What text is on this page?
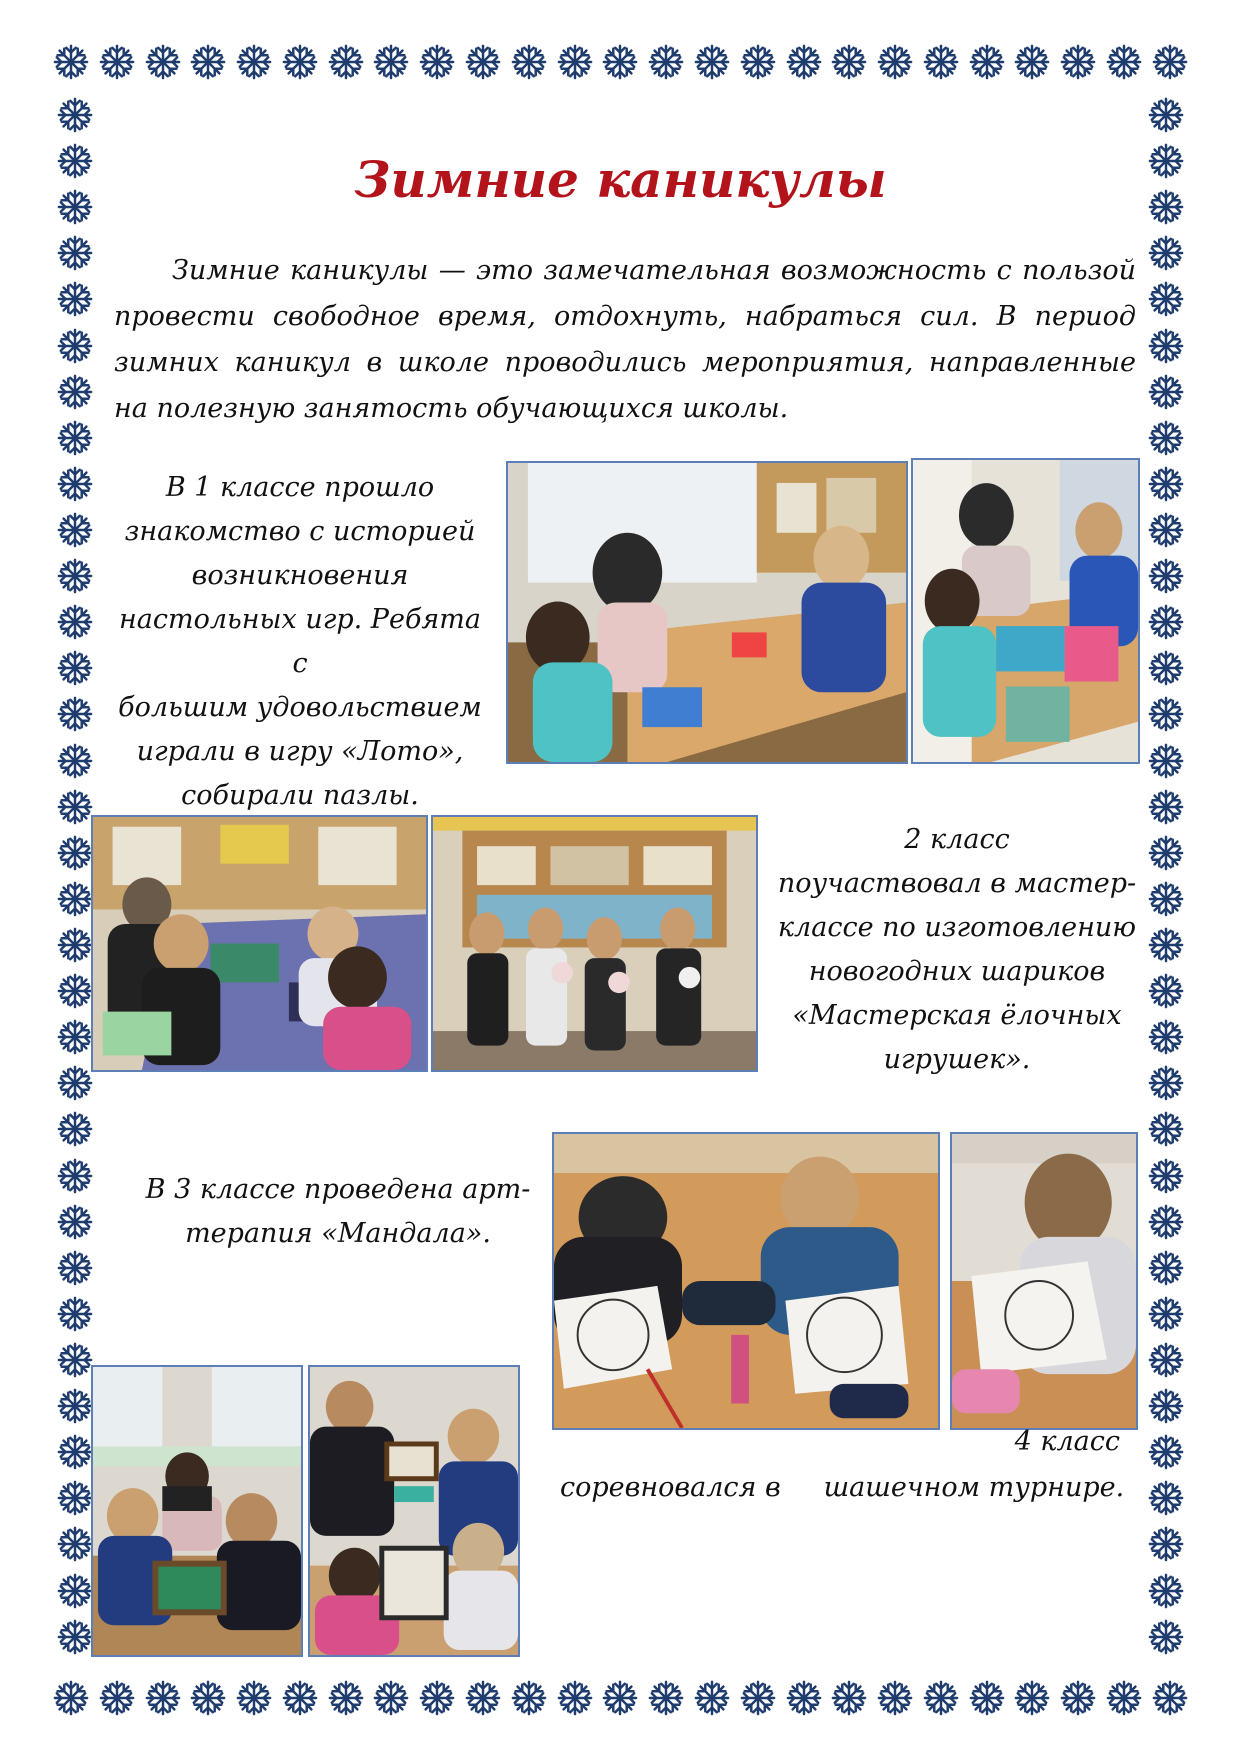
Зимние каникулы

Зимние каникулы — это замечательная возможность с пользой провести свободное время, отдохнуть, набраться сил. В период зимних каникул в школе проводились мероприятия, направленные на полезную занятость обучающихся школы.

В 1 классе прошло
знакомство с историей
возникновения
настольных игр. Ребята с
большим удовольствием
играли в игру «Лото»,
собирали пазлы.

2 класс
поучаствовал в мастер-
классе по изготовлению
новогодних шариков
«Мастерская ёлочных
игрушек».

В 3 классе проведена арт-
терапия «Мандала».

4 класс

соревновался в     шашечном турнире.
